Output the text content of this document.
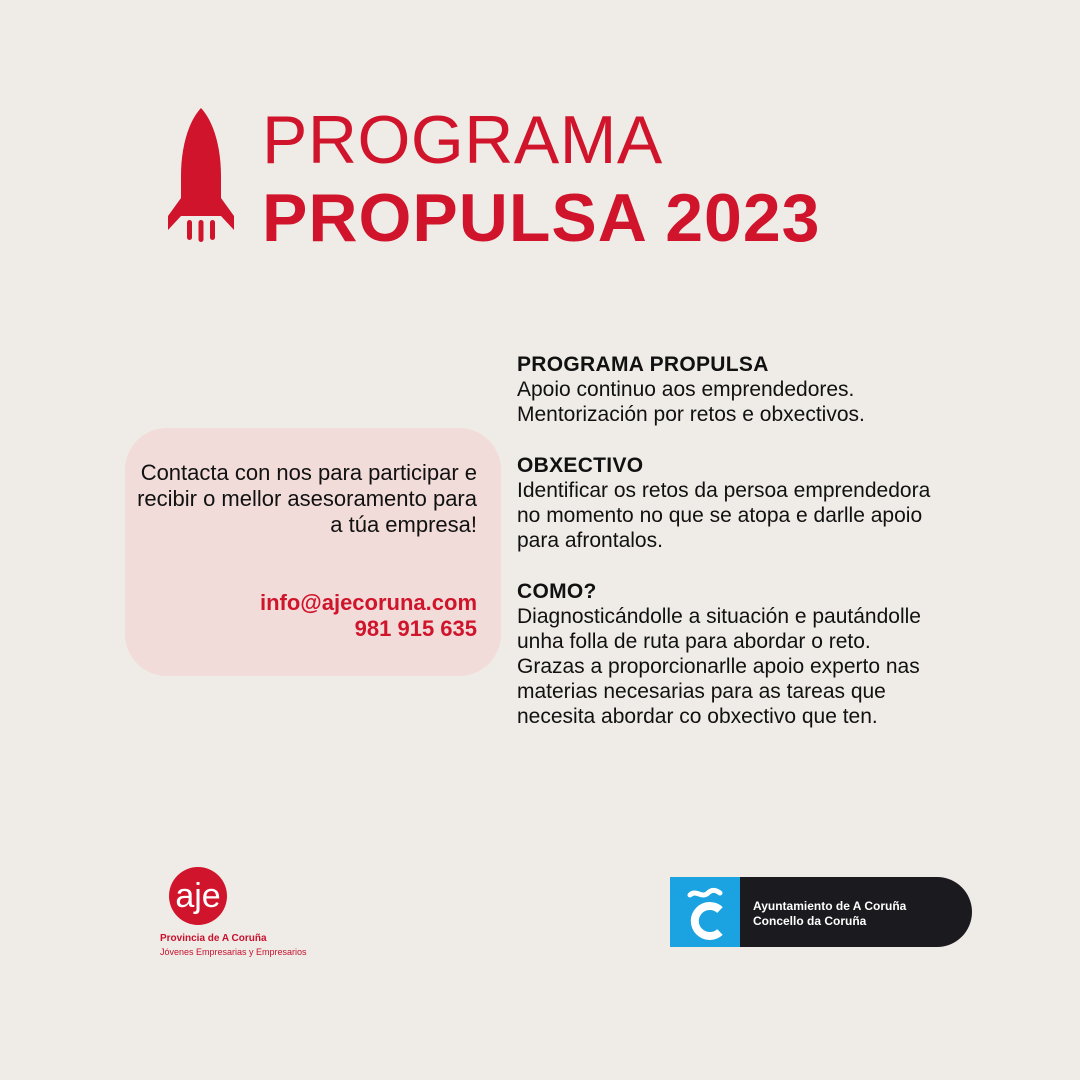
PROGRAMA
PROPULSA 2023
Contacta con nos para participar e recibir o mellor asesoramento para a túa empresa!
info@ajecoruna.com
981 915 635
PROGRAMA PROPULSA
Apoio continuo aos emprendedores. Mentorización por retos e obxectivos.
OBXECTIVO
Identificar os retos da persoa emprendedora no momento no que se atopa e darlle apoio para afrontalos.
COMO?
Diagnosticándolle a situación e pautándolle unha folla de ruta para abordar o reto. Grazas a proporcionarlle apoio experto nas materias necesarias para as tareas que necesita abordar co obxectivo que ten.
aje
Provincia de A Coruña
Jóvenes Empresarias y Empresarios
C̃
Ayuntamiento de A Coruña
Concello da Coruña
